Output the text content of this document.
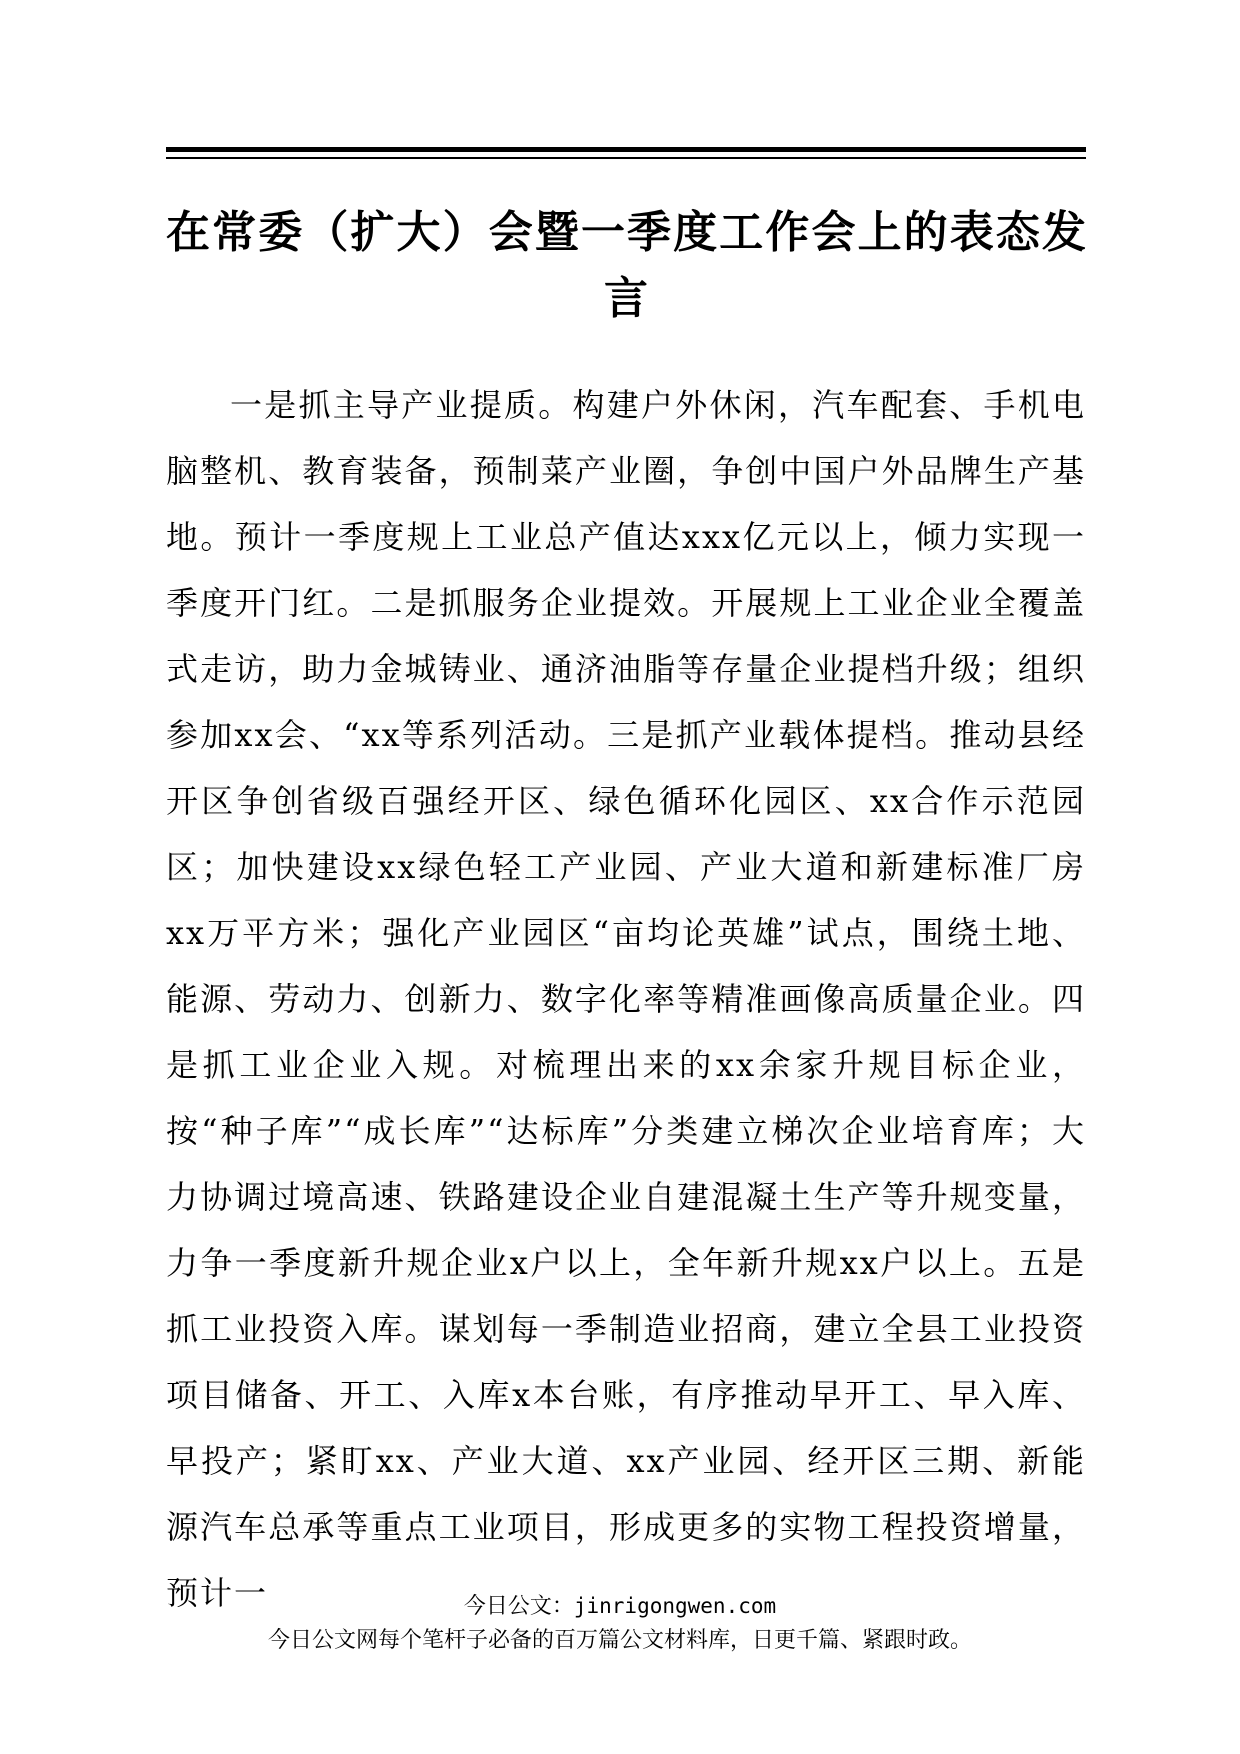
在常委（扩大）会暨一季度工作会上的表态发言

一是抓主导产业提质。构建户外休闲，汽车配套、手机电脑整机、教育装备，预制菜产业圈，争创中国户外品牌生产基地。预计一季度规上工业总产值达xxx亿元以上，倾力实现一季度开门红。二是抓服务企业提效。开展规上工业企业全覆盖式走访，助力金城铸业、通济油脂等存量企业提档升级；组织参加xx会、“xx等系列活动。三是抓产业载体提档。推动县经开区争创省级百强经开区、绿色循环化园区、xx合作示范园区；加快建设xx绿色轻工产业园、产业大道和新建标准厂房xx万平方米；强化产业园区“亩均论英雄”试点，围绕土地、能源、劳动力、创新力、数字化率等精准画像高质量企业。四是抓工业企业入规。对梳理出来的xx余家升规目标企业，按“种子库”“成长库”“达标库”分类建立梯次企业培育库；大力协调过境高速、铁路建设企业自建混凝土生产等升规变量，力争一季度新升规企业x户以上，全年新升规xx户以上。五是抓工业投资入库。谋划每一季制造业招商，建立全县工业投资项目储备、开工、入库x本台账，有序推动早开工、早入库、早投产；紧盯xx、产业大道、xx产业园、经开区三期、新能源汽车总承等重点工业项目，形成更多的实物工程投资增量，预计一	今日公文：jinrigongwen.com
今日公文网每个笔杆子必备的百万篇公文材料库，日更千篇、紧跟时政。
